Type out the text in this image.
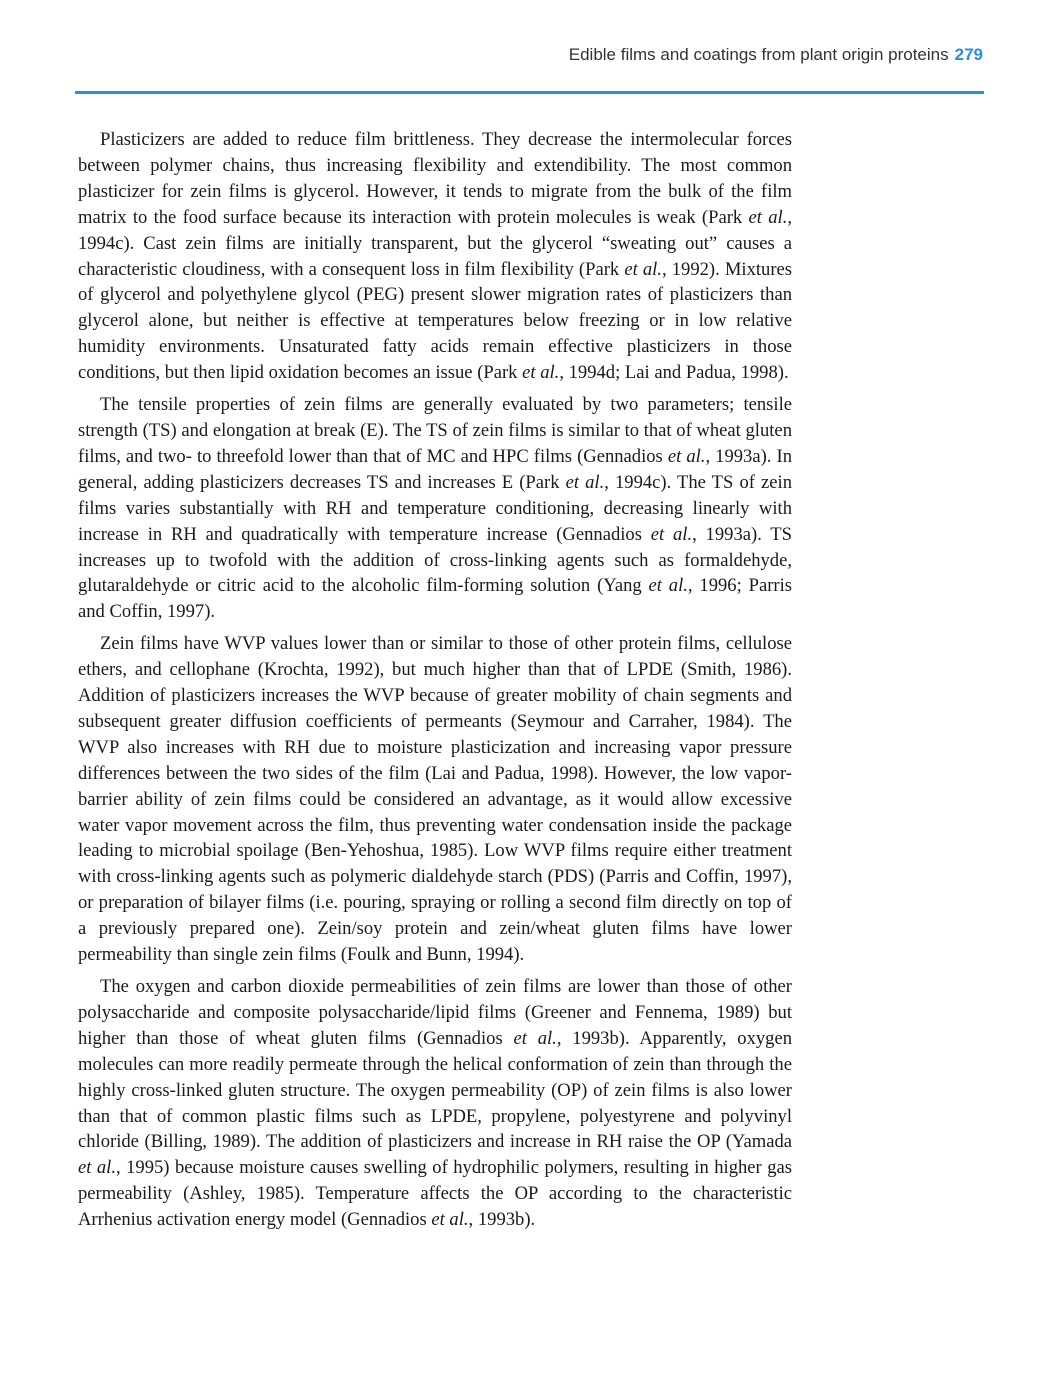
Edible films and coatings from plant origin proteins 279

Plasticizers are added to reduce film brittleness. They decrease the intermolecular forces between polymer chains, thus increasing flexibility and extendibility. The most common plasticizer for zein films is glycerol. However, it tends to migrate from the bulk of the film matrix to the food surface because its interaction with protein molecules is weak (Park et al., 1994c). Cast zein films are initially transparent, but the glycerol “sweating out” causes a characteristic cloudiness, with a consequent loss in film flexibility (Park et al., 1992). Mixtures of glycerol and polyethylene glycol (PEG) present slower migration rates of plasticizers than glycerol alone, but neither is effective at temperatures below freezing or in low relative humidity environments. Unsaturated fatty acids remain effective plasticizers in those conditions, but then lipid oxidation becomes an issue (Park et al., 1994d; Lai and Padua, 1998).

The tensile properties of zein films are generally evaluated by two parameters; tensile strength (TS) and elongation at break (E). The TS of zein films is similar to that of wheat gluten films, and two- to threefold lower than that of MC and HPC films (Gennadios et al., 1993a). In general, adding plasticizers decreases TS and increases E (Park et al., 1994c). The TS of zein films varies substantially with RH and temperature conditioning, decreasing linearly with increase in RH and quadratically with temperature increase (Gennadios et al., 1993a). TS increases up to twofold with the addition of cross-linking agents such as formaldehyde, glutaraldehyde or citric acid to the alcoholic film-forming solution (Yang et al., 1996; Parris and Coffin, 1997).

Zein films have WVP values lower than or similar to those of other protein films, cellulose ethers, and cellophane (Krochta, 1992), but much higher than that of LPDE (Smith, 1986). Addition of plasticizers increases the WVP because of greater mobility of chain segments and subsequent greater diffusion coefficients of permeants (Seymour and Carraher, 1984). The WVP also increases with RH due to moisture plasticization and increasing vapor pressure differences between the two sides of the film (Lai and Padua, 1998). However, the low vapor-barrier ability of zein films could be considered an advantage, as it would allow excessive water vapor movement across the film, thus preventing water condensation inside the package leading to microbial spoilage (Ben-Yehoshua, 1985). Low WVP films require either treatment with cross-linking agents such as polymeric dialdehyde starch (PDS) (Parris and Coffin, 1997), or preparation of bilayer films (i.e. pouring, spraying or rolling a second film directly on top of a previously prepared one). Zein/soy protein and zein/wheat gluten films have lower permeability than single zein films (Foulk and Bunn, 1994).

The oxygen and carbon dioxide permeabilities of zein films are lower than those of other polysaccharide and composite polysaccharide/lipid films (Greener and Fennema, 1989) but higher than those of wheat gluten films (Gennadios et al., 1993b). Apparently, oxygen molecules can more readily permeate through the helical conformation of zein than through the highly cross-linked gluten structure. The oxygen permeability (OP) of zein films is also lower than that of common plastic films such as LPDE, propylene, polyestyrene and polyvinyl chloride (Billing, 1989). The addition of plasticizers and increase in RH raise the OP (Yamada et al., 1995) because moisture causes swelling of hydrophilic polymers, resulting in higher gas permeability (Ashley, 1985). Temperature affects the OP according to the characteristic Arrhenius activation energy model (Gennadios et al., 1993b).
